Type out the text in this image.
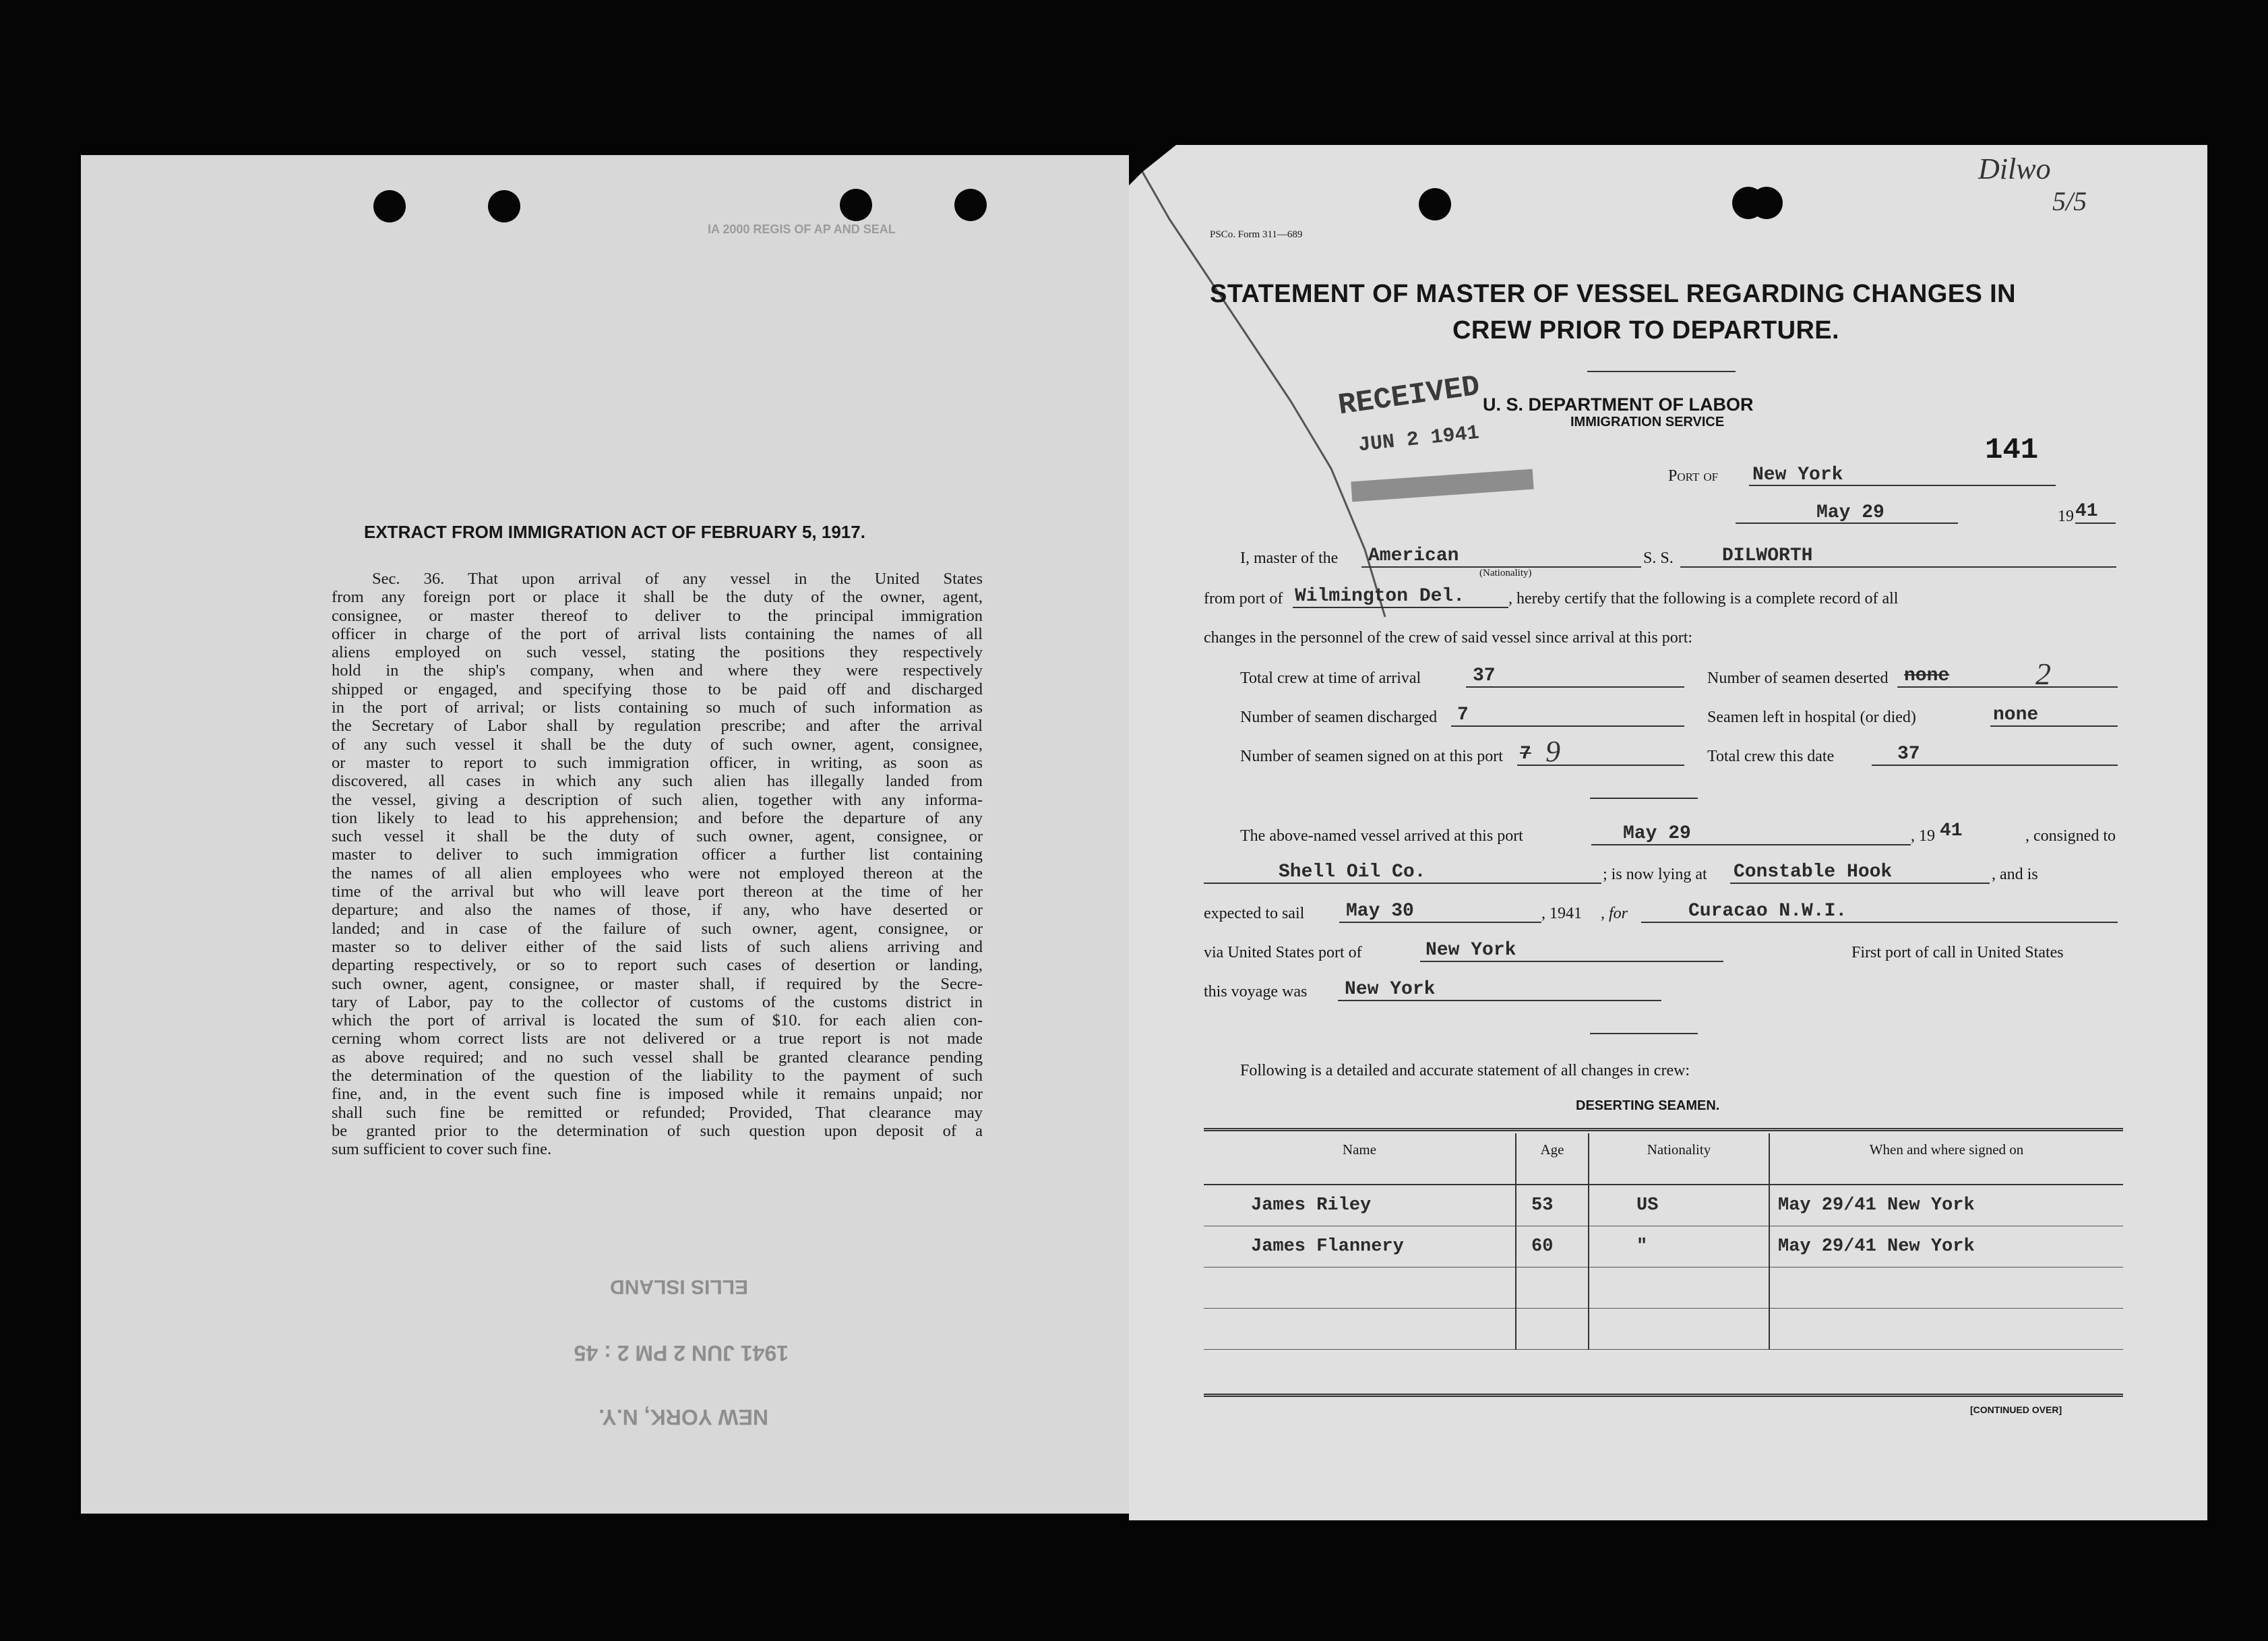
IA 2000 REGIS OF AP AND SEAL
EXTRACT FROM IMMIGRATION ACT OF FEBRUARY 5, 1917.
Sec. 36. That upon arrival of any vessel in the United States
from any foreign port or place it shall be the duty of the owner, agent,
consignee, or master thereof to deliver to the principal immigration
officer in charge of the port of arrival lists containing the names of all
aliens employed on such vessel, stating the positions they respectively
hold in the ship's company, when and where they were respectively
shipped or engaged, and specifying those to be paid off and discharged
in the port of arrival; or lists containing so much of such information as
the Secretary of Labor shall by regulation prescribe; and after the arrival
of any such vessel it shall be the duty of such owner, agent, consignee,
or master to report to such immigration officer, in writing, as soon as
discovered, all cases in which any such alien has illegally landed from
the vessel, giving a description of such alien, together with any informa-
tion likely to lead to his apprehension; and before the departure of any
such vessel it shall be the duty of such owner, agent, consignee, or
master to deliver to such immigration officer a further list containing
the names of all alien employees who were not employed thereon at the
time of the arrival but who will leave port thereon at the time of her
departure; and also the names of those, if any, who have deserted or
landed; and in case of the failure of such owner, agent, consignee, or
master so to deliver either of the said lists of such aliens arriving and
departing respectively, or so to report such cases of desertion or landing,
such owner, agent, consignee, or master shall, if required by the Secre-
tary of Labor, pay to the collector of customs of the customs district in
which the port of arrival is located the sum of $10. for each alien con-
cerning whom correct lists are not delivered or a true report is not made
as above required; and no such vessel shall be granted clearance pending
the determination of the question of the liability to the payment of such
fine, and, in the event such fine is imposed while it remains unpaid; nor
shall such fine be remitted or refunded; Provided, That clearance may
be granted prior to the determination of such question upon deposit of a
sum sufficient to cover such fine.
NEW YORK, N.Y.
1941 JUN 2 PM 2 : 45
ELLIS ISLAND
Dilwo
5/5
PSCo. Form 311—689
STATEMENT OF MASTER OF VESSEL REGARDING CHANGES IN
CREW PRIOR TO DEPARTURE.
RECEIVED
JUN 2 1941
U. S. DEPARTMENT OF LABOR
IMMIGRATION SERVICE
141
Port of New York
May 29	19 41
I, master of the American
(Nationality)
S. S.	DILWORTH
from port of Wilmington Del.	, hereby certify that the following is a complete record of all
changes in the personnel of the crew of said vessel since arrival at this port:
Total crew at time of arrival	37	Number of seamen deserted none	2
Number of seamen discharged 7	Seamen left in hospital (or died)	none
Number of seamen signed on at this port 7 9	Total crew this date	37
The above-named vessel arrived at this port	May 29	, 19 41	, consigned to
Shell Oil Co.	; is now lying at Constable Hook	, and is
expected to sail May 30	, 1941 , for	Curacao N.W.I.
via United States port of	New York	First port of call in United States
this voyage was New York
Following is a detailed and accurate statement of all changes in crew:
DESERTING SEAMEN.
Name	Age	Nationality	When and where signed on
James Riley	53	US	May 29/41 New York
James Flannery	60	"	May 29/41 New York

[CONTINUED OVER]
